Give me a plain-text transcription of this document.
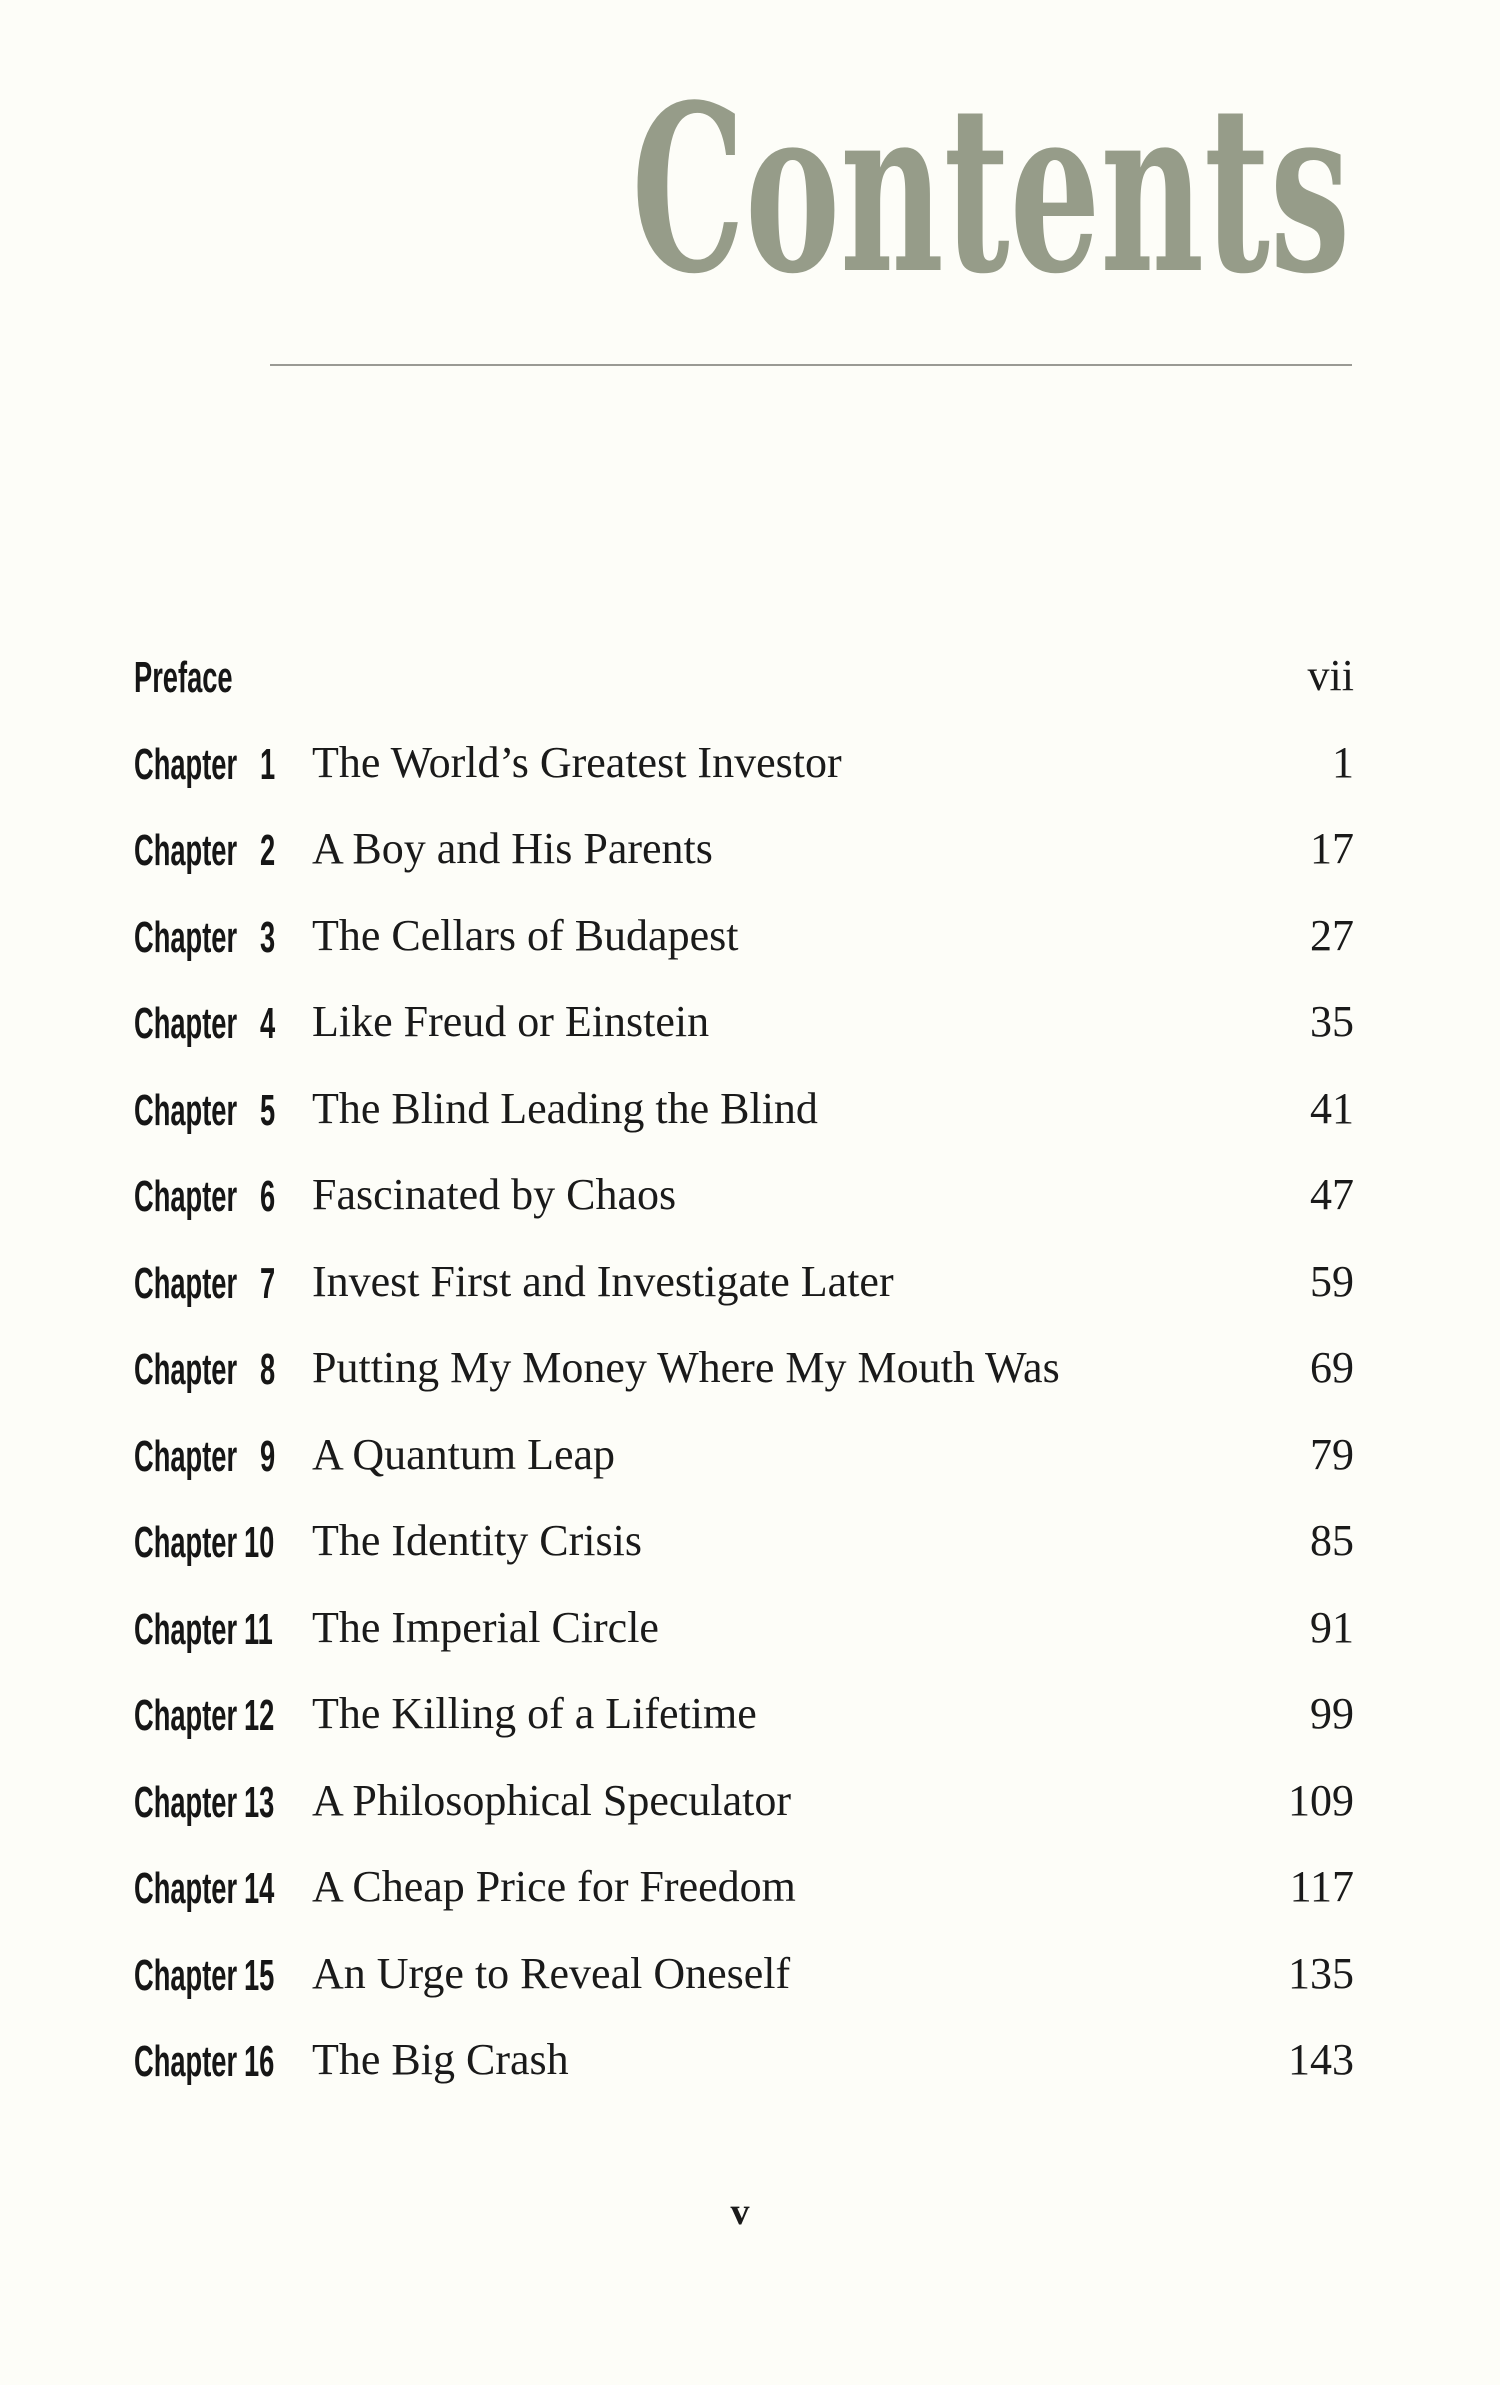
Contents
Preface	vii
Chapter 1 The World’s Greatest Investor	1
Chapter 2 A Boy and His Parents	17
Chapter 3 The Cellars of Budapest	27
Chapter 4 Like Freud or Einstein	35
Chapter 5 The Blind Leading the Blind	41
Chapter 6 Fascinated by Chaos	47
Chapter 7 Invest First and Investigate Later	59
Chapter 8 Putting My Money Where My Mouth Was	69
Chapter 9 A Quantum Leap	79
Chapter 10 The Identity Crisis	85
Chapter 11 The Imperial Circle	91
Chapter 12 The Killing of a Lifetime	99
Chapter 13 A Philosophical Speculator	109
Chapter 14 A Cheap Price for Freedom	117
Chapter 15 An Urge to Reveal Oneself	135
Chapter 16 The Big Crash	143
v
